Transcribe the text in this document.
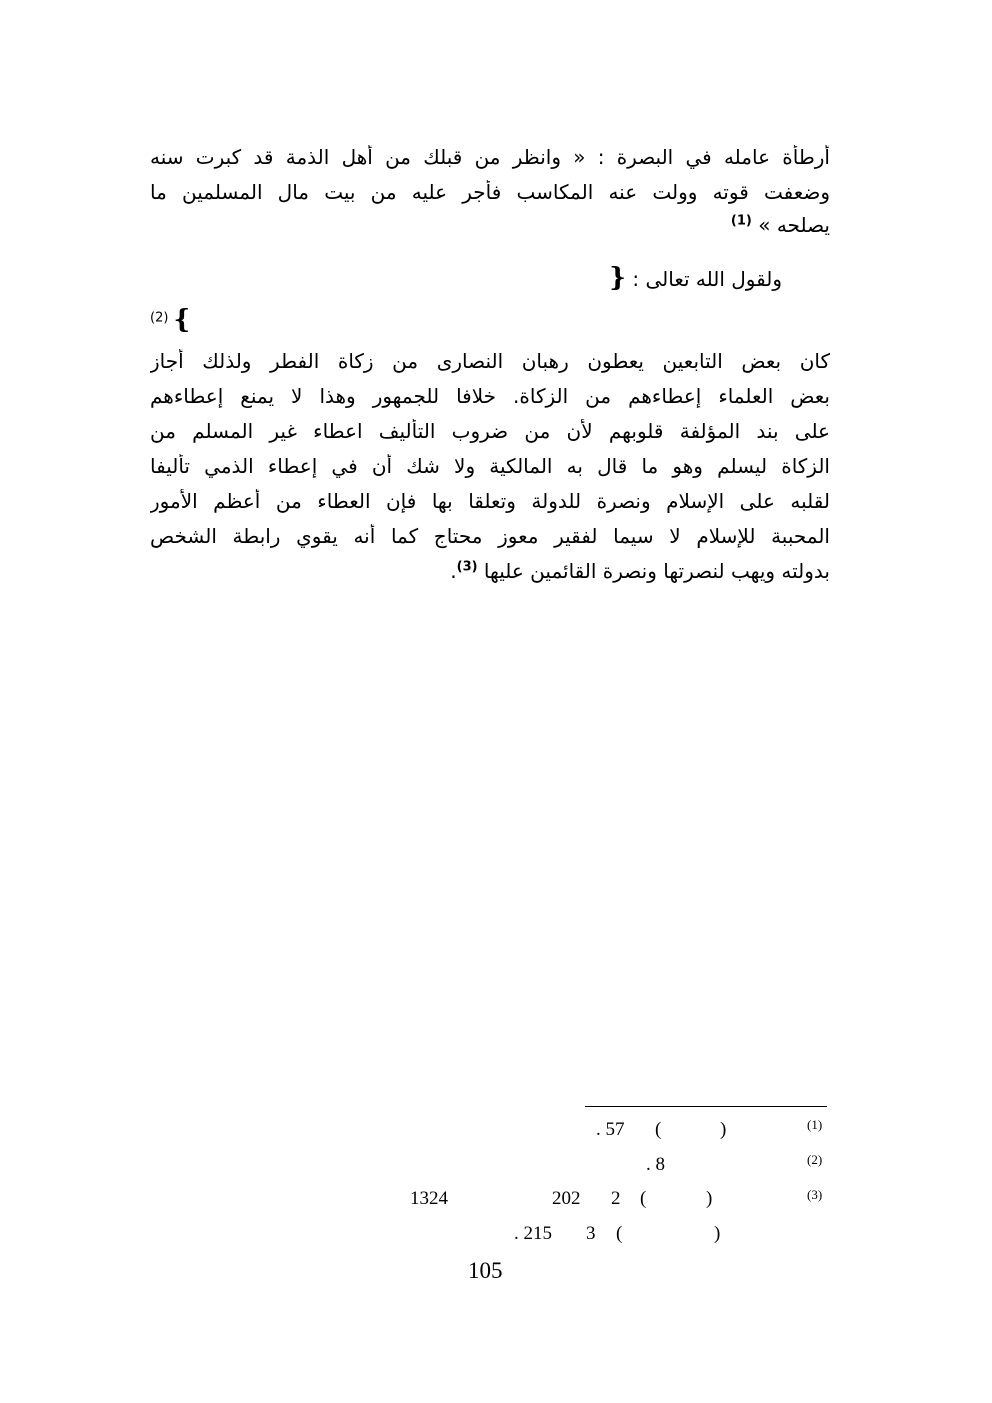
أرطأة عامله في البصرة : « وانظر من قبلك من أهل الذمة قد كبرت سنه
وضعفت قوته وولت عنه المكاسب فأجر عليه من بيت مال المسلمين ما
يصلحه » $^{(1)}$
ولقول الله تعالى : {
$^{(2)}$ {
كان بعض التابعين يعطون رهبان النصارى من زكاة الفطر ولذلك أجاز
بعض العلماء إعطاءهم من الزكاة. خلافا للجمهور وهذا لا يمنع إعطاءهم
على بند المؤلفة قلوبهم لأن من ضروب التأليف اعطاء غير المسلم من
الزكاة ليسلم وهو ما قال به المالكية ولا شك أن في إعطاء الذمي تأليفا
لقلبه على الإسلام ونصرة للدولة وتعلقا بها فإن العطاء من أعظم الأمور
المحببة للإسلام لا سيما لفقير معوز محتاج كما أنه يقوي رابطة الشخص
بدولته ويهب لنصرتها ونصرة القائمين عليها $^{(3)}$.
(1)
)
(
. 57
(2)
. 8
(3)
)
(
2
202
1324
)
(
3
. 215
105
